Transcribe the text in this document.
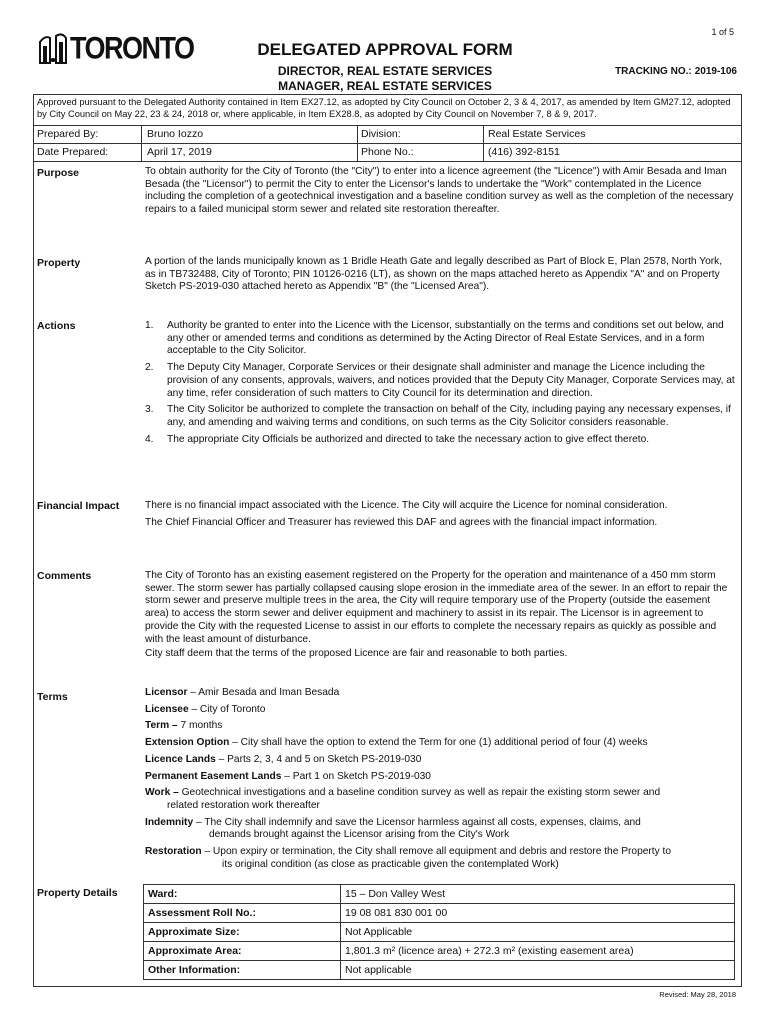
1 of 5
TORONTO	DELEGATED APPROVAL FORM
DIRECTOR, REAL ESTATE SERVICES
MANAGER, REAL ESTATE SERVICES
TRACKING NO.: 2019-106
Approved pursuant to the Delegated Authority contained in Item EX27.12, as adopted by City Council on October 2, 3 & 4, 2017, as amended by Item GM27.12, adopted by City Council on May 22, 23 & 24, 2018 or, where applicable, in Item EX28.8, as adopted by City Council on November 7, 8 & 9, 2017.
Prepared By:	Bruno Iozzo	Division:	Real Estate Services
Date Prepared:	April 17, 2019	Phone No.:	(416) 392-8151
Purpose	To obtain authority for the City of Toronto (the "City") to enter into a licence agreement (the "Licence") with Amir Besada and Iman Besada (the "Licensor") to permit the City to enter the Licensor's lands to undertake the "Work" contemplated in the Licence including the completion of a geotechnical investigation and a baseline condition survey as well as the completion of the necessary repairs to a failed municipal storm sewer and related site restoration thereafter.
Property	A portion of the lands municipally known as 1 Bridle Heath Gate and legally described as Part of Block E, Plan 2578, North York, as in TB732488, City of Toronto; PIN 10126-0216 (LT), as shown on the maps attached hereto as Appendix "A" and on Property Sketch PS-2019-030 attached hereto as Appendix "B" (the "Licensed Area").
Actions	1.	Authority be granted to enter into the Licence with the Licensor, substantially on the terms and conditions set out below, and any other or amended terms and conditions as determined by the Acting Director of Real Estate Services, and in a form acceptable to the City Solicitor.
2.	The Deputy City Manager, Corporate Services or their designate shall administer and manage the Licence including the provision of any consents, approvals, waivers, and notices provided that the Deputy City Manager, Corporate Services may, at any time, refer consideration of such matters to City Council for its determination and direction.
3.	The City Solicitor be authorized to complete the transaction on behalf of the City, including paying any necessary expenses, if any, and amending and waiving terms and conditions, on such terms as the City Solicitor considers reasonable.
4.	The appropriate City Officials be authorized and directed to take the necessary action to give effect thereto.
Financial Impact	There is no financial impact associated with the Licence. The City will acquire the Licence for nominal consideration.

The Chief Financial Officer and Treasurer has reviewed this DAF and agrees with the financial impact information.

Comments	The City of Toronto has an existing easement registered on the Property for the operation and maintenance of a 450 mm storm sewer. The storm sewer has partially collapsed causing slope erosion in the immediate area of the sewer. In an effort to repair the storm sewer and preserve multiple trees in the area, the City will require temporary use of the Property (outside the easement area) to access the storm sewer and deliver equipment and machinery to assist in its repair. The Licensor is in agreement to provide the City with the requested License to assist in our efforts to complete the necessary repairs as quickly as possible and with the least amount of disturbance.

City staff deem that the terms of the proposed Licence are fair and reasonable to both parties.

Terms	Licensor – Amir Besada and Iman Besada
Licensee – City of Toronto
Term – 7 months
Extension Option – City shall have the option to extend the Term for one (1) additional period of four (4) weeks
Licence Lands – Parts 2, 3, 4 and 5 on Sketch PS-2019-030
Permanent Easement Lands – Part 1 on Sketch PS-2019-030
Work – Geotechnical investigations and a baseline condition survey as well as repair the existing storm sewer and
related restoration work thereafter
Indemnity – The City shall indemnify and save the Licensor harmless against all costs, expenses, claims, and
demands brought against the Licensor arising from the City's Work
Restoration – Upon expiry or termination, the City shall remove all equipment and debris and restore the Property to
its original condition (as close as practicable given the contemplated Work)
Property Details	Ward:	15 – Don Valley West
Assessment Roll No.:	19 08 081 830 001 00
Approximate Size:	Not Applicable
Approximate Area:	1,801.3 m² (licence area) + 272.3 m² (existing easement area)
Other Information:	Not applicable
Revised: May 28, 2018
